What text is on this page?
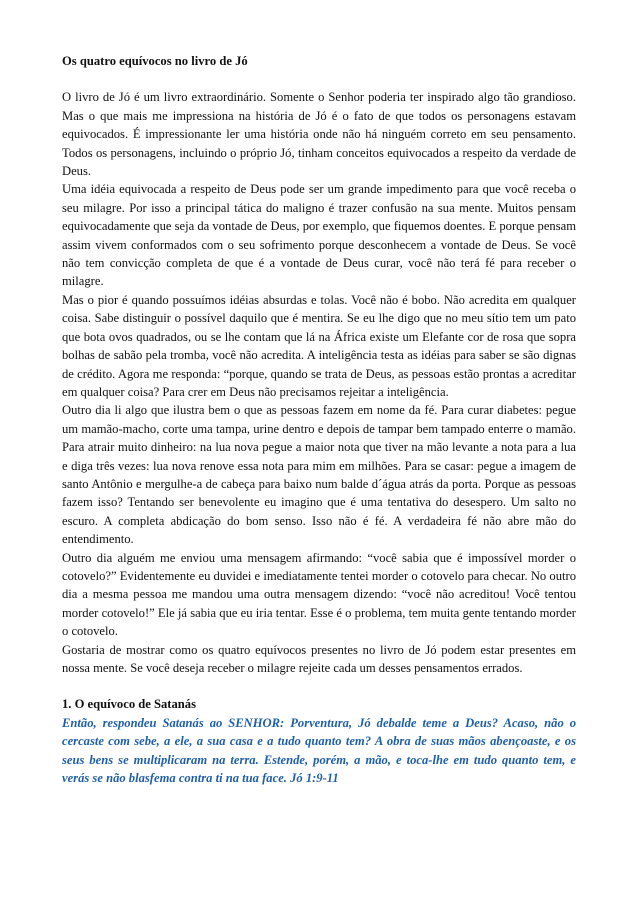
Os quatro equívocos no livro de Jó

O livro de Jó é um livro extraordinário. Somente o Senhor poderia ter inspirado algo tão grandioso. Mas o que mais me impressiona na história de Jó é o fato de que todos os personagens estavam equivocados. É impressionante ler uma história onde não há ninguém correto em seu pensamento. Todos os personagens, incluindo o próprio Jó, tinham conceitos equivocados a respeito da verdade de Deus.

Uma idéia equivocada a respeito de Deus pode ser um grande impedimento para que você receba o seu milagre. Por isso a principal tática do maligno é trazer confusão na sua mente. Muitos pensam equivocadamente que seja da vontade de Deus, por exemplo, que fiquemos doentes. E porque pensam assim vivem conformados com o seu sofrimento porque desconhecem a vontade de Deus. Se você não tem convicção completa de que é a vontade de Deus curar, você não terá fé para receber o milagre.

Mas o pior é quando possuímos idéias absurdas e tolas. Você não é bobo. Não acredita em qualquer coisa. Sabe distinguir o possível daquilo que é mentira. Se eu lhe digo que no meu sítio tem um pato que bota ovos quadrados, ou se lhe contam que lá na África existe um Elefante cor de rosa que sopra bolhas de sabão pela tromba, você não acredita. A inteligência testa as idéias para saber se são dignas de crédito. Agora me responda: “porque, quando se trata de Deus, as pessoas estão prontas a acreditar em qualquer coisa? Para crer em Deus não precisamos rejeitar a inteligência.

Outro dia li algo que ilustra bem o que as pessoas fazem em nome da fé. Para curar diabetes: pegue um mamão-macho, corte uma tampa, urine dentro e depois de tampar bem tampado enterre o mamão. Para atrair muito dinheiro: na lua nova pegue a maior nota que tiver na mão levante a nota para a lua e diga três vezes: lua nova renove essa nota para mim em milhões. Para se casar: pegue a imagem de santo Antônio e mergulhe-a de cabeça para baixo num balde d´água atrás da porta. Porque as pessoas fazem isso? Tentando ser benevolente eu imagino que é uma tentativa do desespero. Um salto no escuro. A completa abdicação do bom senso. Isso não é fé. A verdadeira fé não abre mão do entendimento.

Outro dia alguém me enviou uma mensagem afirmando: “você sabia que é impossível morder o cotovelo?” Evidentemente eu duvidei e imediatamente tentei morder o cotovelo para checar. No outro dia a mesma pessoa me mandou uma outra mensagem dizendo: “você não acreditou! Você tentou morder cotovelo!” Ele já sabia que eu iria tentar. Esse é o problema, tem muita gente tentando morder o cotovelo.

Gostaria de mostrar como os quatro equívocos presentes no livro de Jó podem estar presentes em nossa mente. Se você deseja receber o milagre rejeite cada um desses pensamentos errados.

1. O equívoco de Satanás

Então, respondeu Satanás ao SENHOR: Porventura, Jó debalde teme a Deus? Acaso, não o cercaste com sebe, a ele, a sua casa e a tudo quanto tem? A obra de suas mãos abençoaste, e os seus bens se multiplicaram na terra. Estende, porém, a mão, e toca-lhe em tudo quanto tem, e verás se não blasfema contra ti na tua face. Jó 1:9-11
